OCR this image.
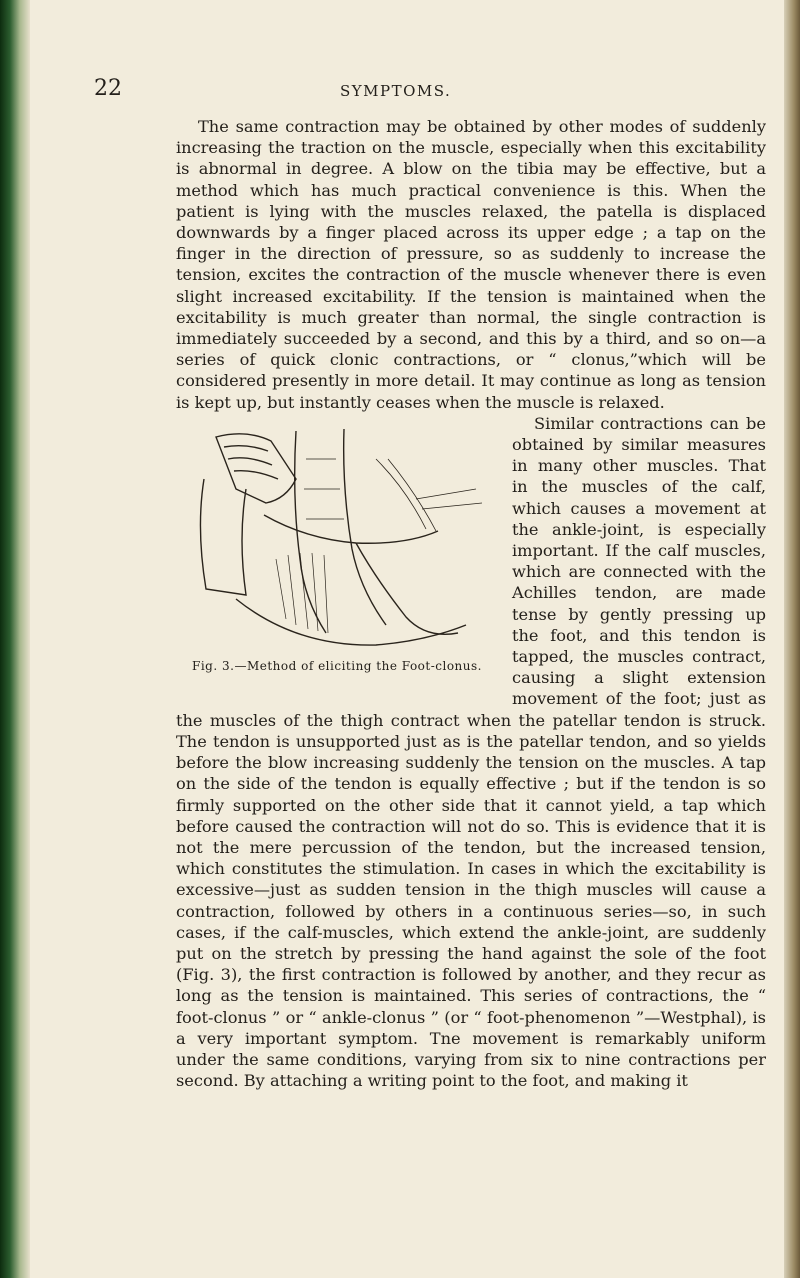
22	SYMPTOMS.

The same contraction may be obtained by other modes of suddenly increasing the traction on the muscle, especially when this excitability is abnormal in degree. A blow on the tibia may be effective, but a method which has much practical convenience is this. When the patient is lying with the muscles relaxed, the patella is displaced downwards by a finger placed across its upper edge ; a tap on the finger in the direction of pressure, so as suddenly to increase the tension, excites the contraction of the muscle whenever there is even slight increased excitability. If the tension is maintained when the excitability is much greater than normal, the single contraction is immediately succeeded by a second, and this by a third, and so on—a series of quick clonic contractions, or “ clonus,”which will be considered presently in more detail. It may continue as long as tension is kept up, but instantly ceases when the muscle is relaxed.

Fig. 3.—Method of eliciting the Foot-clonus.

Similar contractions can be obtained by similar measures in many other muscles. That in the muscles of the calf, which causes a movement at the ankle-joint, is especially important. If the calf muscles, which are connected with the Achilles tendon, are made tense by gently pressing up the foot, and this tendon is tapped, the muscles contract, causing a slight extension movement of the foot; just as the muscles of the thigh contract when the patellar tendon is struck. The tendon is unsupported just as is the patellar tendon, and so yields before the blow increasing suddenly the tension on the muscles. A tap on the side of the tendon is equally effective ; but if the tendon is so firmly supported on the other side that it cannot yield, a tap which before caused the contraction will not do so. This is evidence that it is not the mere percussion of the tendon, but the increased tension, which constitutes the stimulation. In cases in which the excitability is excessive—just as sudden tension in the thigh muscles will cause a contraction, followed by others in a continuous series—so, in such cases, if the calf-muscles, which extend the ankle-joint, are suddenly put on the stretch by pressing the hand against the sole of the foot (Fig. 3), the first contraction is followed by another, and they recur as long as the tension is maintained. This series of contractions, the “ foot-clonus ” or “ ankle-clonus ” (or “ foot-phenomenon ”—Westphal), is a very important symptom. Tne movement is remarkably uniform under the same conditions, varying from six to nine contractions per second. By attaching a writing point to the foot, and making it
